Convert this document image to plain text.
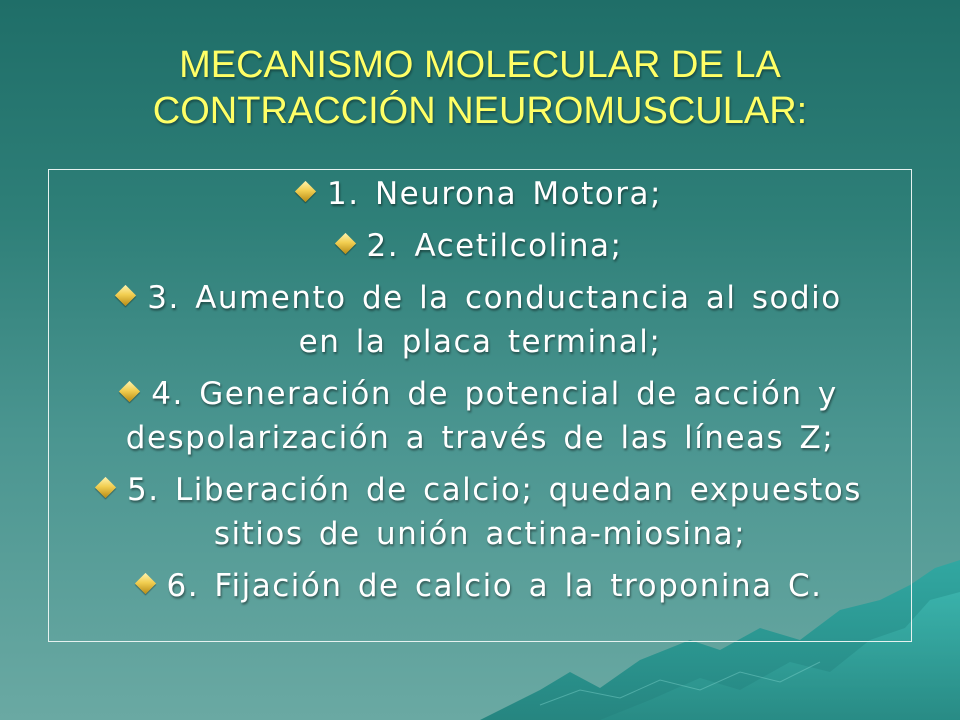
MECANISMO MOLECULAR DE LA
CONTRACCIÓN NEUROMUSCULAR:
1. Neurona Motora;
2. Acetilcolina;
3. Aumento de la conductancia al sodio
en la placa terminal;
4. Generación de potencial de acción y
despolarización a través de las líneas Z;
5. Liberación de calcio; quedan expuestos
sitios de unión actina-miosina;
6. Fijación de calcio a la troponina C.
